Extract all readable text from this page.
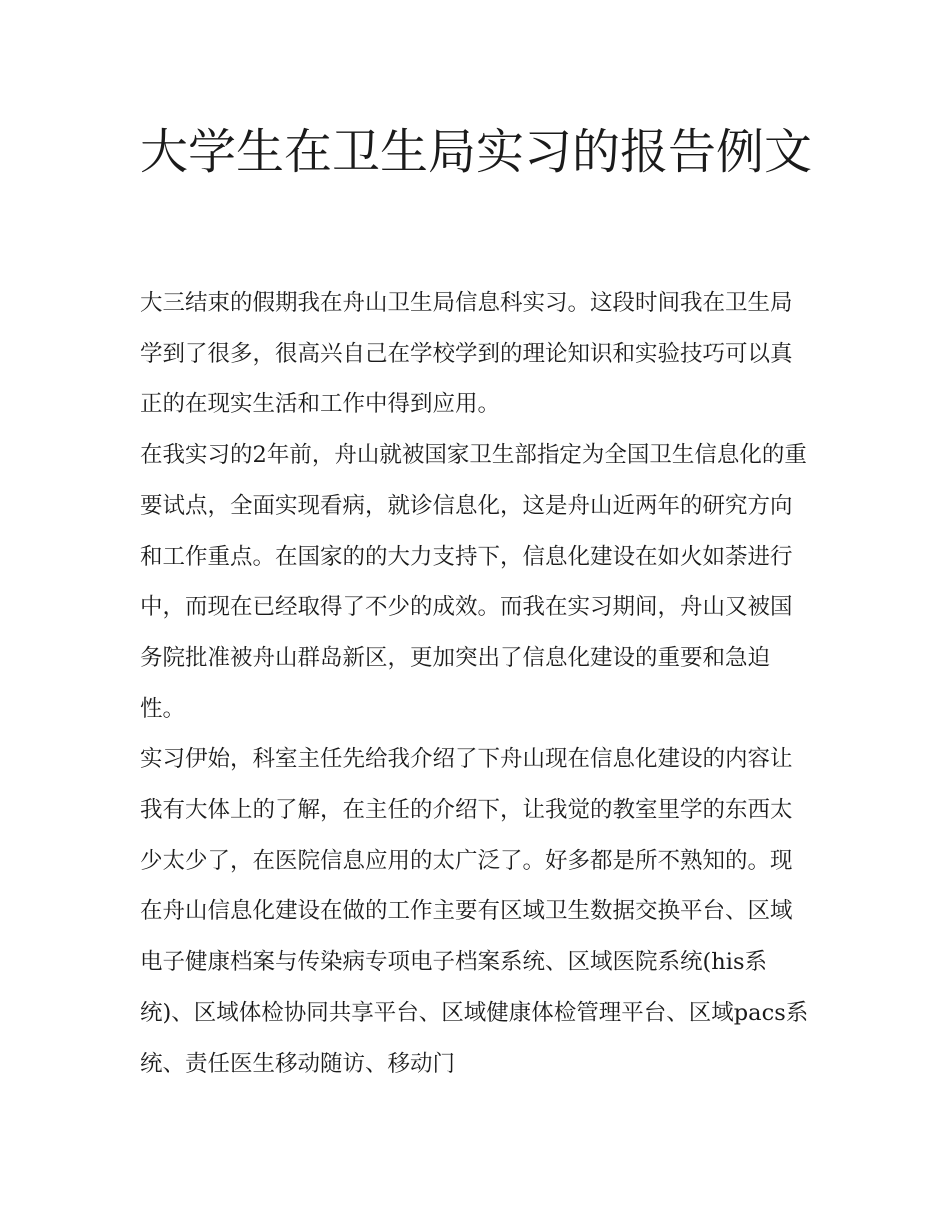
大学生在卫生局实习的报告例文

大三结束的假期我在舟山卫生局信息科实习。这段时间我在卫生局学到了很多，很高兴自己在学校学到的理论知识和实验技巧可以真正的在现实生活和工作中得到应用。

在我实习的2年前，舟山就被国家卫生部指定为全国卫生信息化的重要试点，全面实现看病，就诊信息化，这是舟山近两年的研究方向和工作重点。在国家的的大力支持下，信息化建设在如火如荼进行中，而现在已经取得了不少的成效。而我在实习期间，舟山又被国务院批准被舟山群岛新区，更加突出了信息化建设的重要和急迫性。

实习伊始，科室主任先给我介绍了下舟山现在信息化建设的内容让我有大体上的了解，在主任的介绍下，让我觉的教室里学的东西太少太少了，在医院信息应用的太广泛了。好多都是所不熟知的。现在舟山信息化建设在做的工作主要有区域卫生数据交换平台、区域电子健康档案与传染病专项电子档案系统、区域医院系统(his系统)、区域体检协同共享平台、区域健康体检管理平台、区域pacs系统、责任医生移动随访、移动门
